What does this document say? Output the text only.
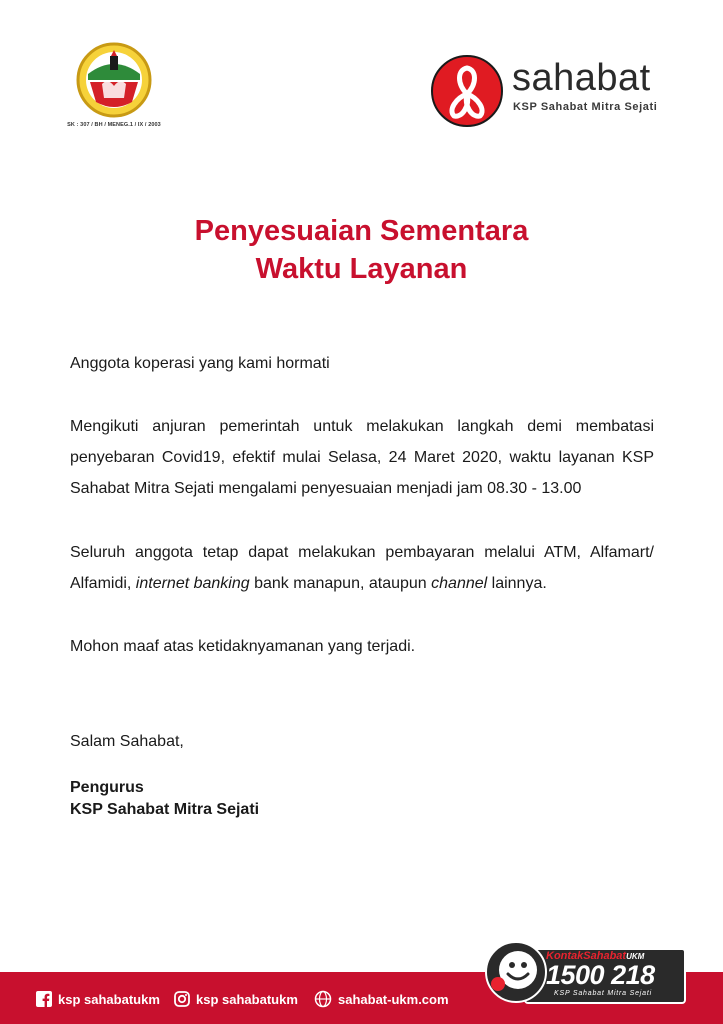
SK : 307 / BH / MENEG.1 / IX / 2003
sahabat
KSP Sahabat Mitra Sejati
Penyesuaian Sementara
Waktu Layanan
Anggota koperasi yang kami hormati
Mengikuti anjuran pemerintah untuk melakukan langkah demi membatasi penyebaran Covid19, efektif mulai Selasa, 24 Maret 2020, waktu layanan KSP Sahabat Mitra Sejati mengalami penyesuaian menjadi jam 08.30 - 13.00
Seluruh anggota tetap dapat melakukan pembayaran melalui ATM, Alfamart/ Alfamidi, internet banking bank manapun, ataupun channel lainnya.
Mohon maaf atas ketidaknyamanan yang terjadi.
Salam Sahabat,
Pengurus
KSP Sahabat Mitra Sejati
ksp sahabatukm	ksp sahabatukm	sahabat-ukm.com
KontakSahabatUKM
1500 218
KSP Sahabat Mitra Sejati
